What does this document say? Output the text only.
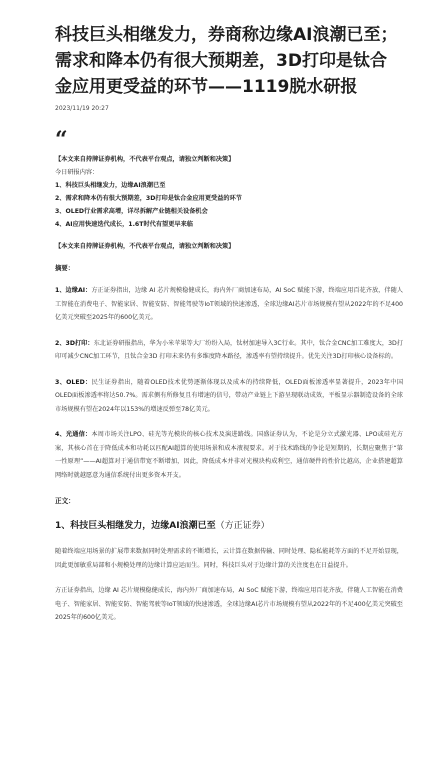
科技巨头相继发力，券商称边缘AI浪潮已至；需求和降本仍有很大预期差，3D打印是钛合金应用更受益的环节——1119脱水研报
2023/11/19 20:27
“
【本文来自持牌证券机构，不代表平台观点，请独立判断和决策】
今日研报内容：
1、科技巨头相继发力，边缘AI浪潮已至
2、需求和降本仍有很大预期差，3D打印是钛合金应用更受益的环节
3、OLED行业需求高增，详尽拆解产业链相关设备机会
4、AI应用快速迭代成长，1.6T时代有望更早来临
【本文来自持牌证券机构，不代表平台观点，请独立判断和决策】
摘要：
1、边缘AI：方正证券指出，边缘 AI 芯片规模稳健成长，海内外厂商加速布局，AI SoC 赋能下游，终端应用百花齐放，伴随人工智能在消费电子、智能家居、智能安防、智能驾驶等IoT领域的快速渗透，全球边缘AI芯片市场规模有望从2022年的不足400亿美元突破至2025年的600亿美元。
2、3D打印：东北证券研报指出，华为小米苹果等大厂纷纷入局，钛材加速导入3C行业。其中，钛合金CNC加工难度大，3D打印可减少CNC加工环节，且钛合金3D 打印未来仍有多维度降本路径，渗透率有望持续提升。优先关注3D打印核心设备标的。
3、OLED：民生证券指出，随着OLED技术优势逐渐体现以及成本的持续降低，OLED面板渗透率显著提升，2023年中国OLED面板渗透率将达50.7%。需求侧有所修复且有增速的信号，带动产业链上下游呈现联动成效，平板显示器制造设备的全球市场规模有望在2024年以153%的增速反弹至78亿美元。
4、光通信：本周市场关注LPO、硅光等光模块的核心技术及演进路线。国盛证券认为，不论是分立式激光器、LPO或硅光方案，其核心首在于降低成本和功耗以匹配AI超算的使用场景和成本液视要求。对于技术路线的争论是短期的，长期应聚焦于“第一性原理”——AI超算对于通信带宽不断增加，因此，降低成本并非对光模块构成利空，通信硬件的性价比越高，企业搭建超算网络时就越愿意为通信系统付出更多资本开支。
正文：
1、科技巨头相继发力，边缘AI浪潮已至（方正证券）
随着终端应用场景的扩展带来数据同时处理需求的不断增长，云计算在数据传输、同时处理、隐私能耗等方面的不足开始显现，因此更加敏重局部和小规模处理的边缘计算应运而生。同时，科技巨头对于边缘计算的关注度也在日益提升。
方正证券指出，边缘 AI 芯片规模稳健成长，海内外厂商加速布局，AI SoC 赋能下游，终端应用百花齐放，伴随人工智能在消费电子、智能家居、智能安防、智能驾驶等IoT领域的快速渗透，全球边缘AI芯片市场规模有望从2022年的不足400亿美元突破至2025年的600亿美元。
